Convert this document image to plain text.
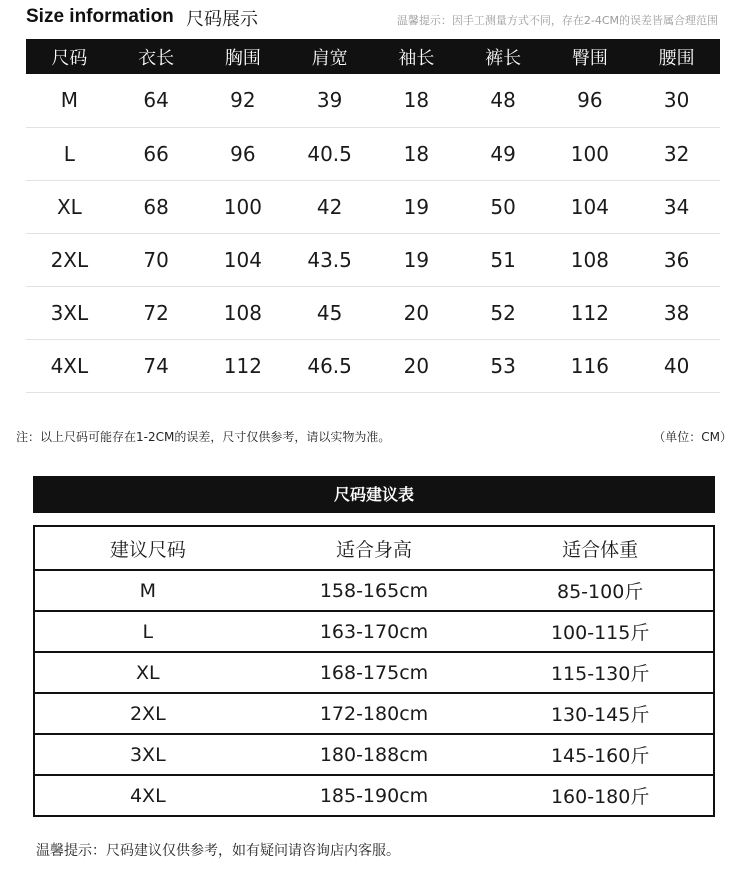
Size information 尺码展示	温馨提示：因手工测量方式不同，存在2-4CM的误差皆属合理范围
尺码	衣长	胸围	肩宽	袖长	裤长	臀围	腰围
M	64	92	39	18	48	96	30
L	66	96	40.5	18	49	100	32
XL	68	100	42	19	50	104	34
2XL	70	104	43.5	19	51	108	36
3XL	72	108	45	20	52	112	38
4XL	74	112	46.5	20	53	116	40
注：以上尺码可能存在1-2CM的误差，尺寸仅供参考，请以实物为准。	（单位：CM）
尺码建议表
建议尺码	适合身高	适合体重
M	158-165cm	85-100斤
L	163-170cm	100-115斤
XL	168-175cm	115-130斤
2XL	172-180cm	130-145斤
3XL	180-188cm	145-160斤
4XL	185-190cm	160-180斤
温馨提示：尺码建议仅供参考，如有疑问请咨询店内客服。
